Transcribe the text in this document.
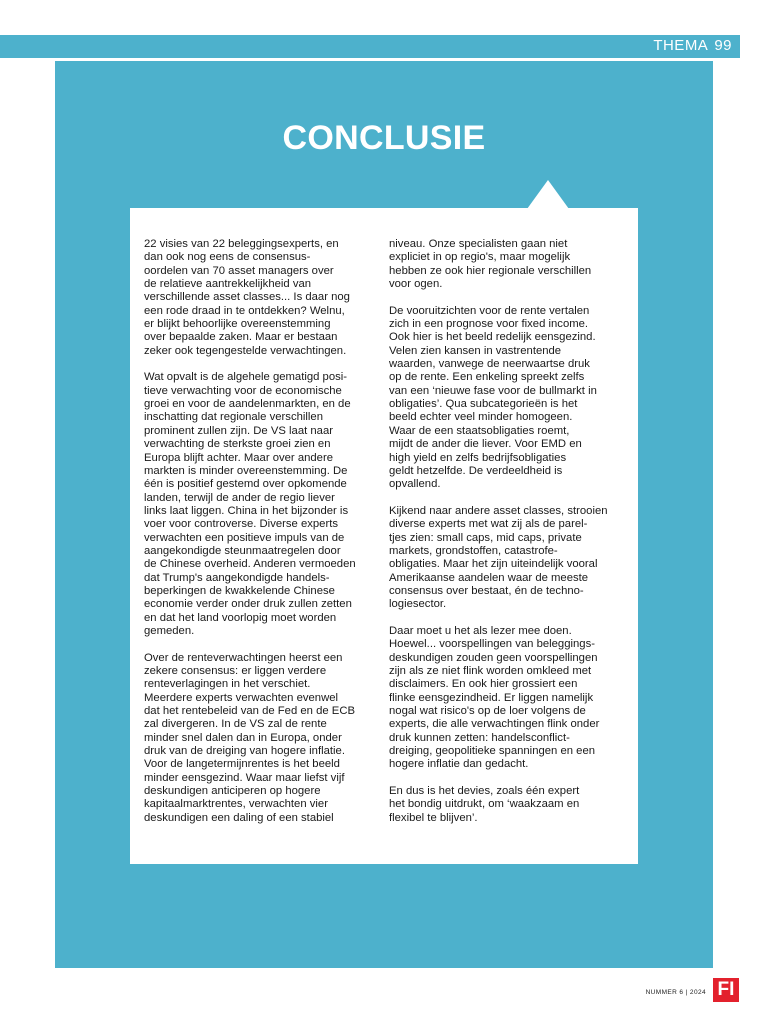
THEMA 99
CONCLUSIE

22 visies van 22 beleggingsexperts, en
dan ook nog eens de consensus-
oordelen van 70 asset managers over
de relatieve aantrekkelijkheid van
verschillende asset classes... Is daar nog
een rode draad in te ontdekken? Welnu,
er blijkt behoorlijke overeenstemming
over bepaalde zaken. Maar er bestaan
zeker ook tegengestelde verwachtingen.

Wat opvalt is de algehele gematigd posi-
tieve verwachting voor de economische
groei en voor de aandelenmarkten, en de
inschatting dat regionale verschillen
prominent zullen zijn. De VS laat naar
verwachting de sterkste groei zien en
Europa blijft achter. Maar over andere
markten is minder overeenstemming. De
één is positief gestemd over opkomende
landen, terwijl de ander de regio liever
links laat liggen. China in het bijzonder is
voer voor controverse. Diverse experts
verwachten een positieve impuls van de
aangekondigde steunmaatregelen door
de Chinese overheid. Anderen vermoeden
dat Trump's aangekondigde handels-
beperkingen de kwakkelende Chinese
economie verder onder druk zullen zetten
en dat het land voorlopig moet worden
gemeden.

Over de renteverwachtingen heerst een
zekere consensus: er liggen verdere
renteverlagingen in het verschiet.
Meerdere experts verwachten evenwel
dat het rentebeleid van de Fed en de ECB
zal divergeren. In de VS zal de rente
minder snel dalen dan in Europa, onder
druk van de dreiging van hogere inflatie.
Voor de langetermijnrentes is het beeld
minder eensgezind. Waar maar liefst vijf
deskundigen anticiperen op hogere
kapitaalmarktrentes, verwachten vier
deskundigen een daling of een stabiel

niveau. Onze specialisten gaan niet
expliciet in op regio's, maar mogelijk
hebben ze ook hier regionale verschillen
voor ogen.

De vooruitzichten voor de rente vertalen
zich in een prognose voor fixed income.
Ook hier is het beeld redelijk eensgezind.
Velen zien kansen in vastrentende
waarden, vanwege de neerwaartse druk
op de rente. Een enkeling spreekt zelfs
van een ‘nieuwe fase voor de bullmarkt in
obligaties’. Qua subcategorieën is het
beeld echter veel minder homogeen.
Waar de een staatsobligaties roemt,
mijdt de ander die liever. Voor EMD en
high yield en zelfs bedrijfsobligaties
geldt hetzelfde. De verdeeldheid is
opvallend.

Kijkend naar andere asset classes, strooien
diverse experts met wat zij als de parel-
tjes zien: small caps, mid caps, private
markets, grondstoffen, catastrofe-
obligaties. Maar het zijn uiteindelijk vooral
Amerikaanse aandelen waar de meeste
consensus over bestaat, én de techno-
logiesector.

Daar moet u het als lezer mee doen.
Hoewel... voorspellingen van beleggings-
deskundigen zouden geen voorspellingen
zijn als ze niet flink worden omkleed met
disclaimers. En ook hier grossiert een
flinke eensgezindheid. Er liggen namelijk
nogal wat risico's op de loer volgens de
experts, die alle verwachtingen flink onder
druk kunnen zetten: handelsconflict-
dreiging, geopolitieke spanningen en een
hogere inflatie dan gedacht.

En dus is het devies, zoals één expert
het bondig uitdrukt, om ‘waakzaam en
flexibel te blijven’.

NUMMER 6 | 2024 FI
